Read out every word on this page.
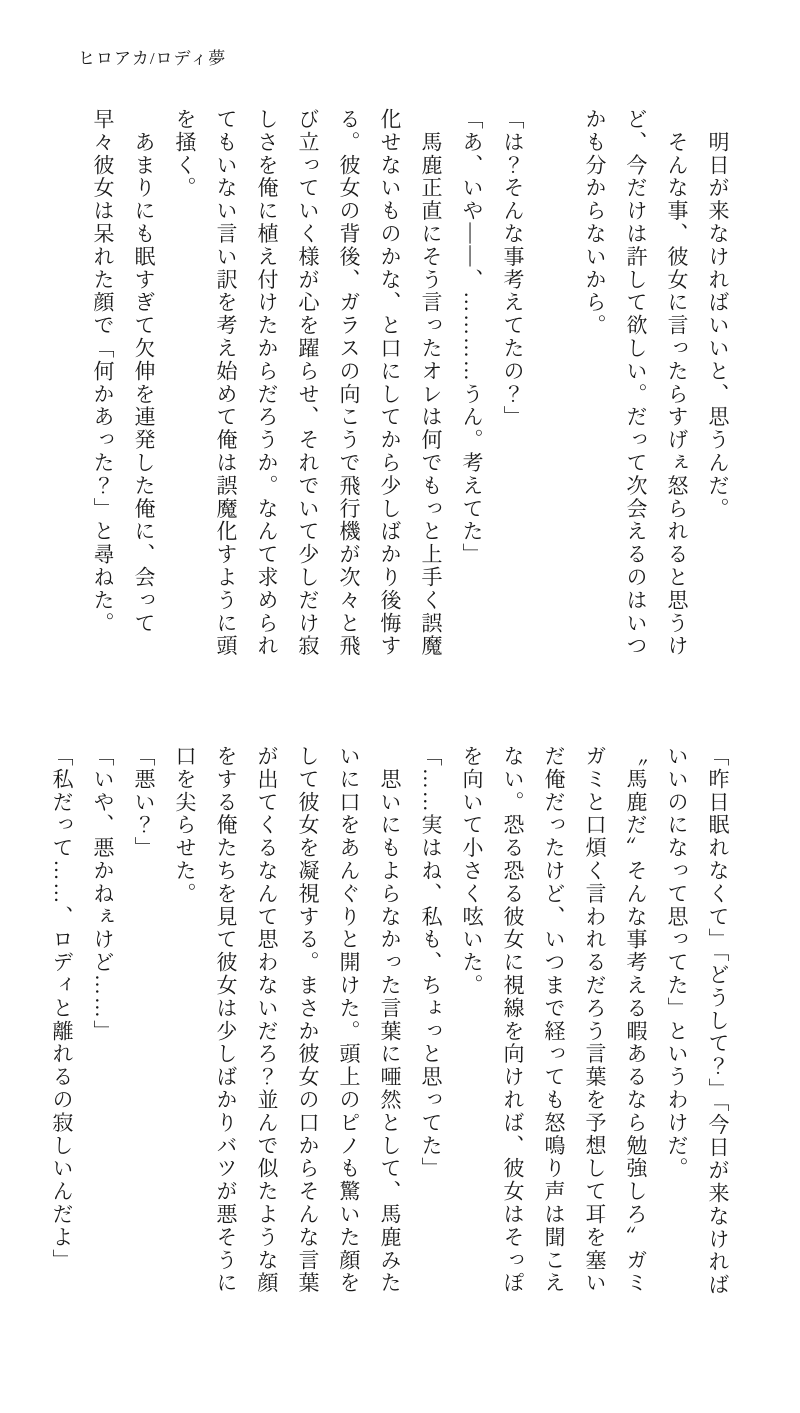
ヒロアカ/ロディ夢

　明日が来なければいいと、思うんだ。

　そんな事、彼女に言ったらすげぇ怒られると思うけど、今だけは許して欲しい。だって次会えるのはいつかも分からないから。

「は？そんな事考えてたの？」

「あ、いや――、…………うん。考えてた」

　馬鹿正直にそう言ったオレは何でもっと上手く誤魔化せないものかな、と口にしてから少しばかり後悔する。彼女の背後、ガラスの向こうで飛行機が次々と飛び立っていく様が心を躍らせ、それでいて少しだけ寂しさを俺に植え付けたからだろうか。なんて求められてもいない言い訳を考え始めて俺は誤魔化すように頭を掻く。

　あまりにも眠すぎて欠伸を連発した俺に、会って早々彼女は呆れた顔で「何かあった？」と尋ねた。

「昨日眠れなくて」「どうして？」「今日が来なければいいのになって思ってた」というわけだ。

〝馬鹿だ〟そんな事考える暇あるなら勉強しろ〟ガミガミと口煩く言われるだろう言葉を予想して耳を塞いだ俺だったけど、いつまで経っても怒鳴り声は聞こえない。恐る恐る彼女に視線を向ければ、彼女はそっぽを向いて小さく呟いた。

「……実はね、私も、ちょっと思ってた」

　思いにもよらなかった言葉に唖然として、馬鹿みたいに口をあんぐりと開けた。頭上のピノも驚いた顔をして彼女を凝視する。まさか彼女の口からそんな言葉が出てくるなんて思わないだろ？並んで似たような顔をする俺たちを見て彼女は少しばかりバツが悪そうに口を尖らせた。

「悪い？」

「いや、悪かねぇけど……」

「私だって……、ロディと離れるの寂しいんだよ」
